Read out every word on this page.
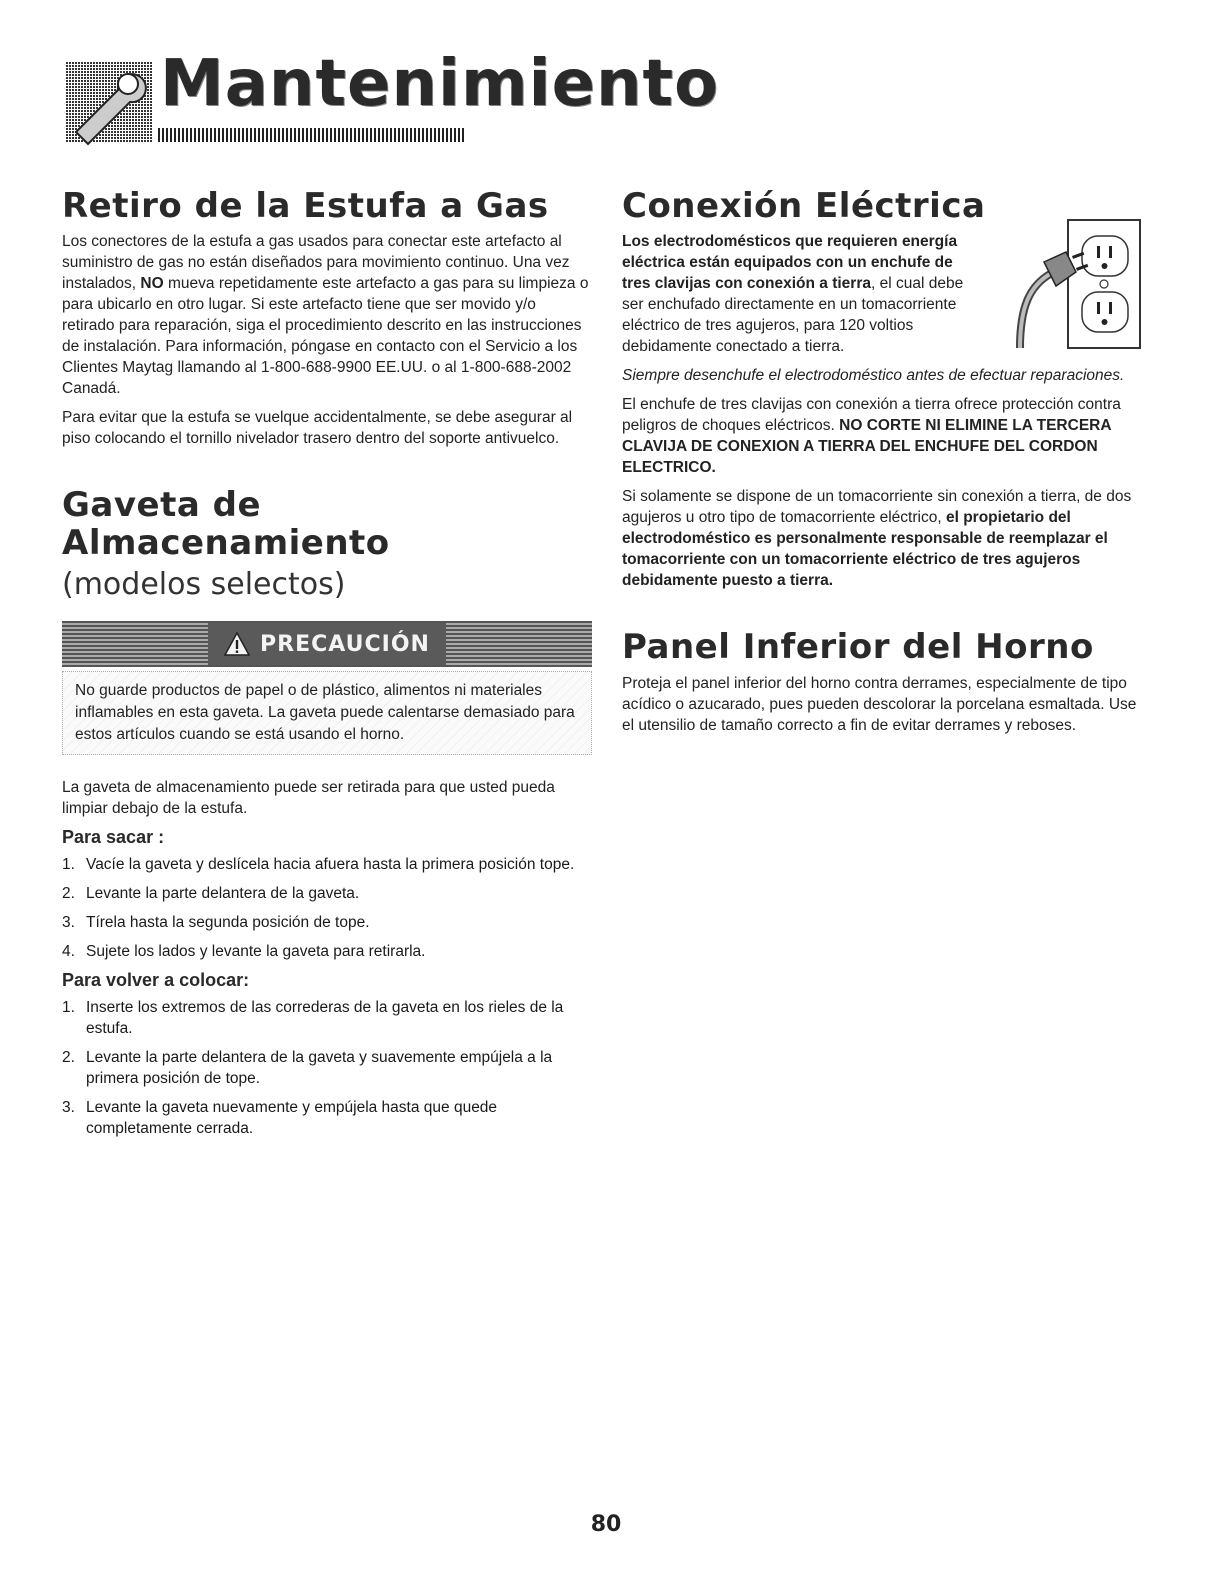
Mantenimiento
Retiro de la Estufa a Gas

Los conectores de la estufa a gas usados para conectar este artefacto al suministro de gas no están diseñados para movimiento continuo. Una vez instalados, NO mueva repetidamente este artefacto a gas para su limpieza o para ubicarlo en otro lugar. Si este artefacto tiene que ser movido y/o retirado para reparación, siga el procedimiento descrito en las instrucciones de instalación. Para información, póngase en contacto con el Servicio a los Clientes Maytag llamando al 1-800-688-9900 EE.UU. o al 1-800-688-2002 Canadá.

Para evitar que la estufa se vuelque accidentalmente, se debe asegurar al piso colocando el tornillo nivelador trasero dentro del soporte antivuelco.

Gaveta de Almacenamiento
(modelos selectos)
PRECAUCIÓN
No guarde productos de papel o de plástico, alimentos ni materiales inflamables en esta gaveta. La gaveta puede calentarse demasiado para estos artículos cuando se está usando el horno.

La gaveta de almacenamiento puede ser retirada para que usted pueda limpiar debajo de la estufa.

Para sacar :
1. Vacíe la gaveta y deslícela hacia afuera hasta la primera posición tope.
2. Levante la parte delantera de la gaveta.
3. Tírela hasta la segunda posición de tope.
4. Sujete los lados y levante la gaveta para retirarla.
Para volver a colocar:
1. Inserte los extremos de las correderas de la gaveta en los rieles de la estufa.
2. Levante la parte delantera de la gaveta y suavemente empújela a la primera posición de tope.
3. Levante la gaveta nuevamente y empújela hasta que quede completamente cerrada.
Conexión Eléctrica

Los electrodomésticos que requieren energía eléctrica están equipados con un enchufe de tres clavijas con conexión a tierra, el cual debe ser enchufado directamente en un tomacorriente eléctrico de tres agujeros, para 120 voltios debidamente conectado a tierra.

Siempre desenchufe el electrodoméstico antes de efectuar reparaciones.

El enchufe de tres clavijas con conexión a tierra ofrece protección contra peligros de choques eléctricos. NO CORTE NI ELIMINE LA TERCERA CLAVIJA DE CONEXION A TIERRA DEL ENCHUFE DEL CORDON ELECTRICO.

Si solamente se dispone de un tomacorriente sin conexión a tierra, de dos agujeros u otro tipo de tomacorriente eléctrico, el propietario del electrodoméstico es personalmente responsable de reemplazar el tomacorriente con un tomacorriente eléctrico de tres agujeros debidamente puesto a tierra.

Panel Inferior del Horno

Proteja el panel inferior del horno contra derrames, especialmente de tipo acídico o azucarado, pues pueden descolorar la porcelana esmaltada. Use el utensilio de tamaño correcto a fin de evitar derrames y reboses.

80
